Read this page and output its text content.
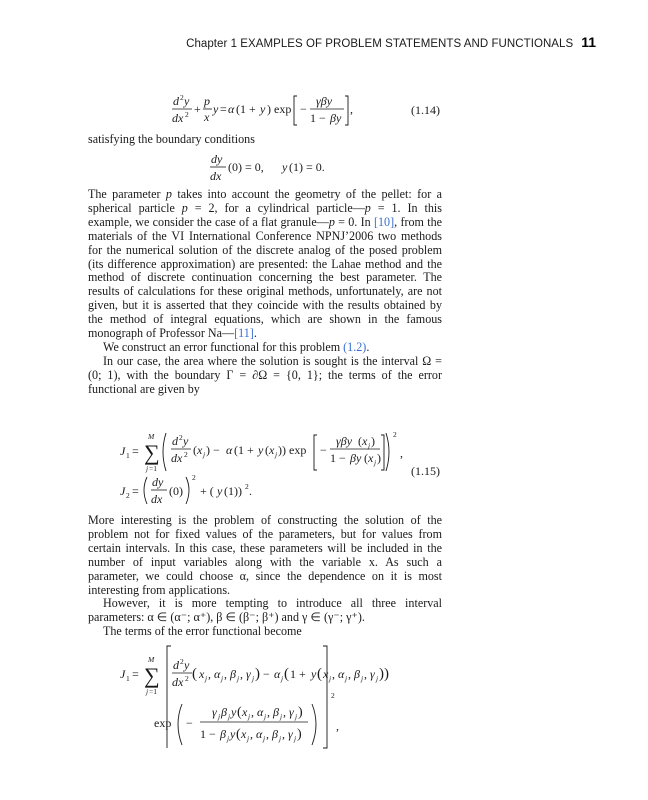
Chapter 1 EXAMPLES OF PROBLEM STATEMENTS AND FUNCTIONALS 11
d 2 y
dx 2 +
p
x
y = α (1 + y ) exp −
γβy
1 − βy
,	(1.14)

satisfying the boundary conditions

dy
dx
(0) = 0, y (1) = 0.

The parameter p takes into account the geometry of the pellet: for a spherical particle p = 2, for a cylindrical particle—p = 1. In this example, we consider the case of a flat granule—p = 0. In [10], from the materials of the VI International Conference NPNJ’2006 two methods for the numerical solution of the discrete analog of the posed problem (its difference approximation) are presented: the Lahae method and the method of discrete continuation concerning the best parameter. The results of calculations for these original methods, unfortunately, are not given, but it is asserted that they coincide with the results obtained by the method of integral equations, which are shown in the famous monograph of Professor Na—[11].

We construct an error functional for this problem (1.2).

In our case, the area where the solution is sought is the interval Ω = (0; 1), with the boundary Γ = ∂Ω = {0, 1}; the terms of the error functional are given by

J 1 =
M
∑
j =1
d 2 y
dx 2 ( x j ) − α (1 + y ( x j )) exp −
γβy ( x j )
1 − βy ( x j )
2
,
J 2 =
dy
dx
(0)
2
+ ( y (1)) 2 .
(1.15)

More interesting is the problem of constructing the solution of the problem not for fixed values of the parameters, but for values from certain intervals. In this case, these parameters will be included in the number of input variables along with the variable x. As such a parameter, we could choose α, since the dependence on it is most interesting from applications.

However, it is more tempting to introduce all three interval parameters: α ∈ (α⁻; α⁺), β ∈ (β⁻; β⁺) and γ ∈ (γ⁻; γ⁺).

The terms of the error functional become

J 1 =
M
∑
j =1
d 2 y
dx 2 ( x j , α j , β j , γ j ) − α j ( 1 + y ( x j , α j , β j , γ j ))
exp −
γ j β j y ( x j , α j , β j , γ j )
1 − β j y ( x j , α j , β j , γ j )
2
,
